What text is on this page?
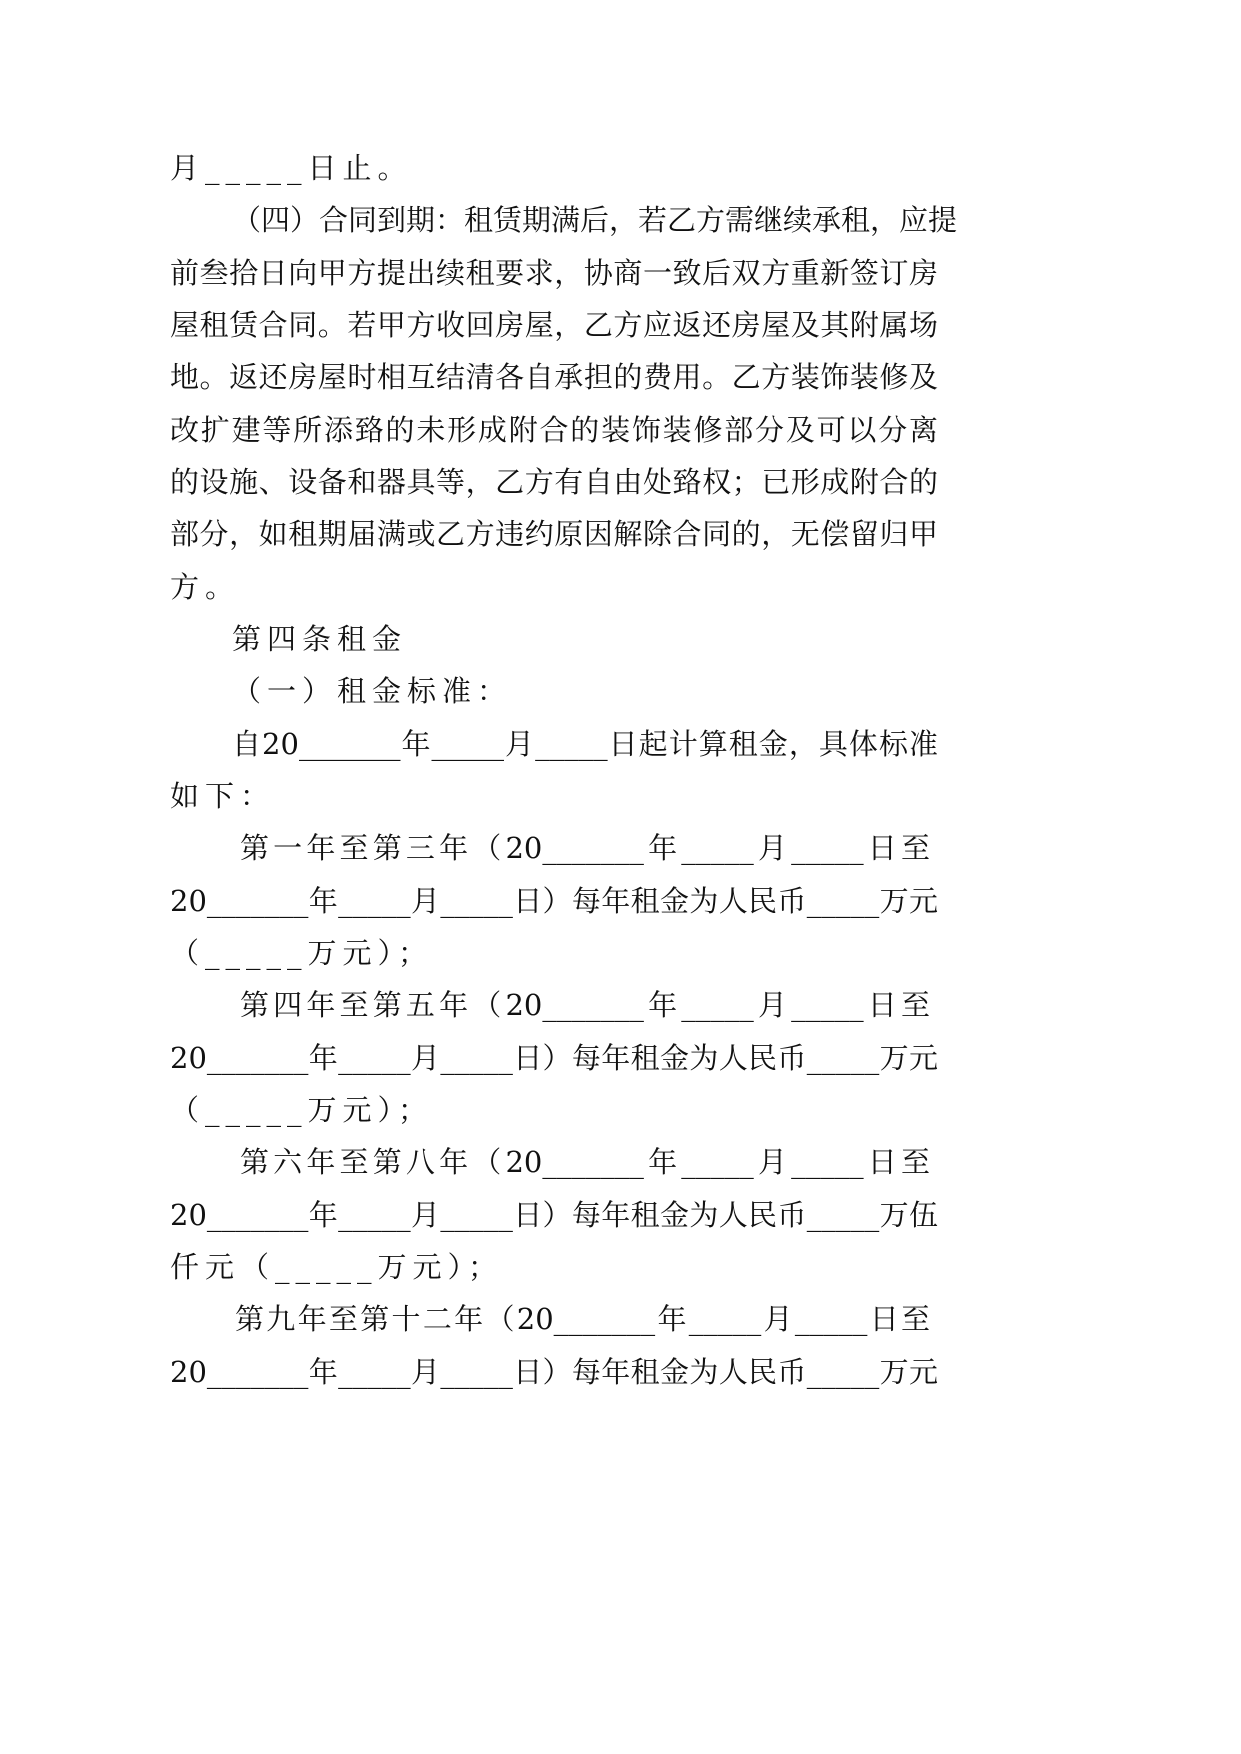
月_____日止。
（四）合同到期：租赁期满后，若乙方需继续承租，应提
前叁拾日向甲方提出续租要求，协商一致后双方重新签订房
屋租赁合同。若甲方收回房屋，乙方应返还房屋及其附属场
地。返还房屋时相互结清各自承担的费用。乙方装饰装修及
改扩建等所添臵的未形成附合的装饰装修部分及可以分离
的设施、设备和器具等，乙方有自由处臵权；已形成附合的
部分，如租期届满或乙方违约原因解除合同的，无偿留归甲
方。
第四条租金
（一）租金标准：
自20_______年_____月_____日起计算租金，具体标准
如下：
第一年至第三年（20_______年_____月_____日至
20_______年_____月_____日）每年租金为人民币_____万元
（_____万元）；
第四年至第五年（20_______年_____月_____日至
20_______年_____月_____日）每年租金为人民币_____万元
（_____万元）；
第六年至第八年（20_______年_____月_____日至
20_______年_____月_____日）每年租金为人民币_____万伍
仟元（_____万元）；
第九年至第十二年（20_______年_____月_____日至
20_______年_____月_____日）每年租金为人民币_____万元
